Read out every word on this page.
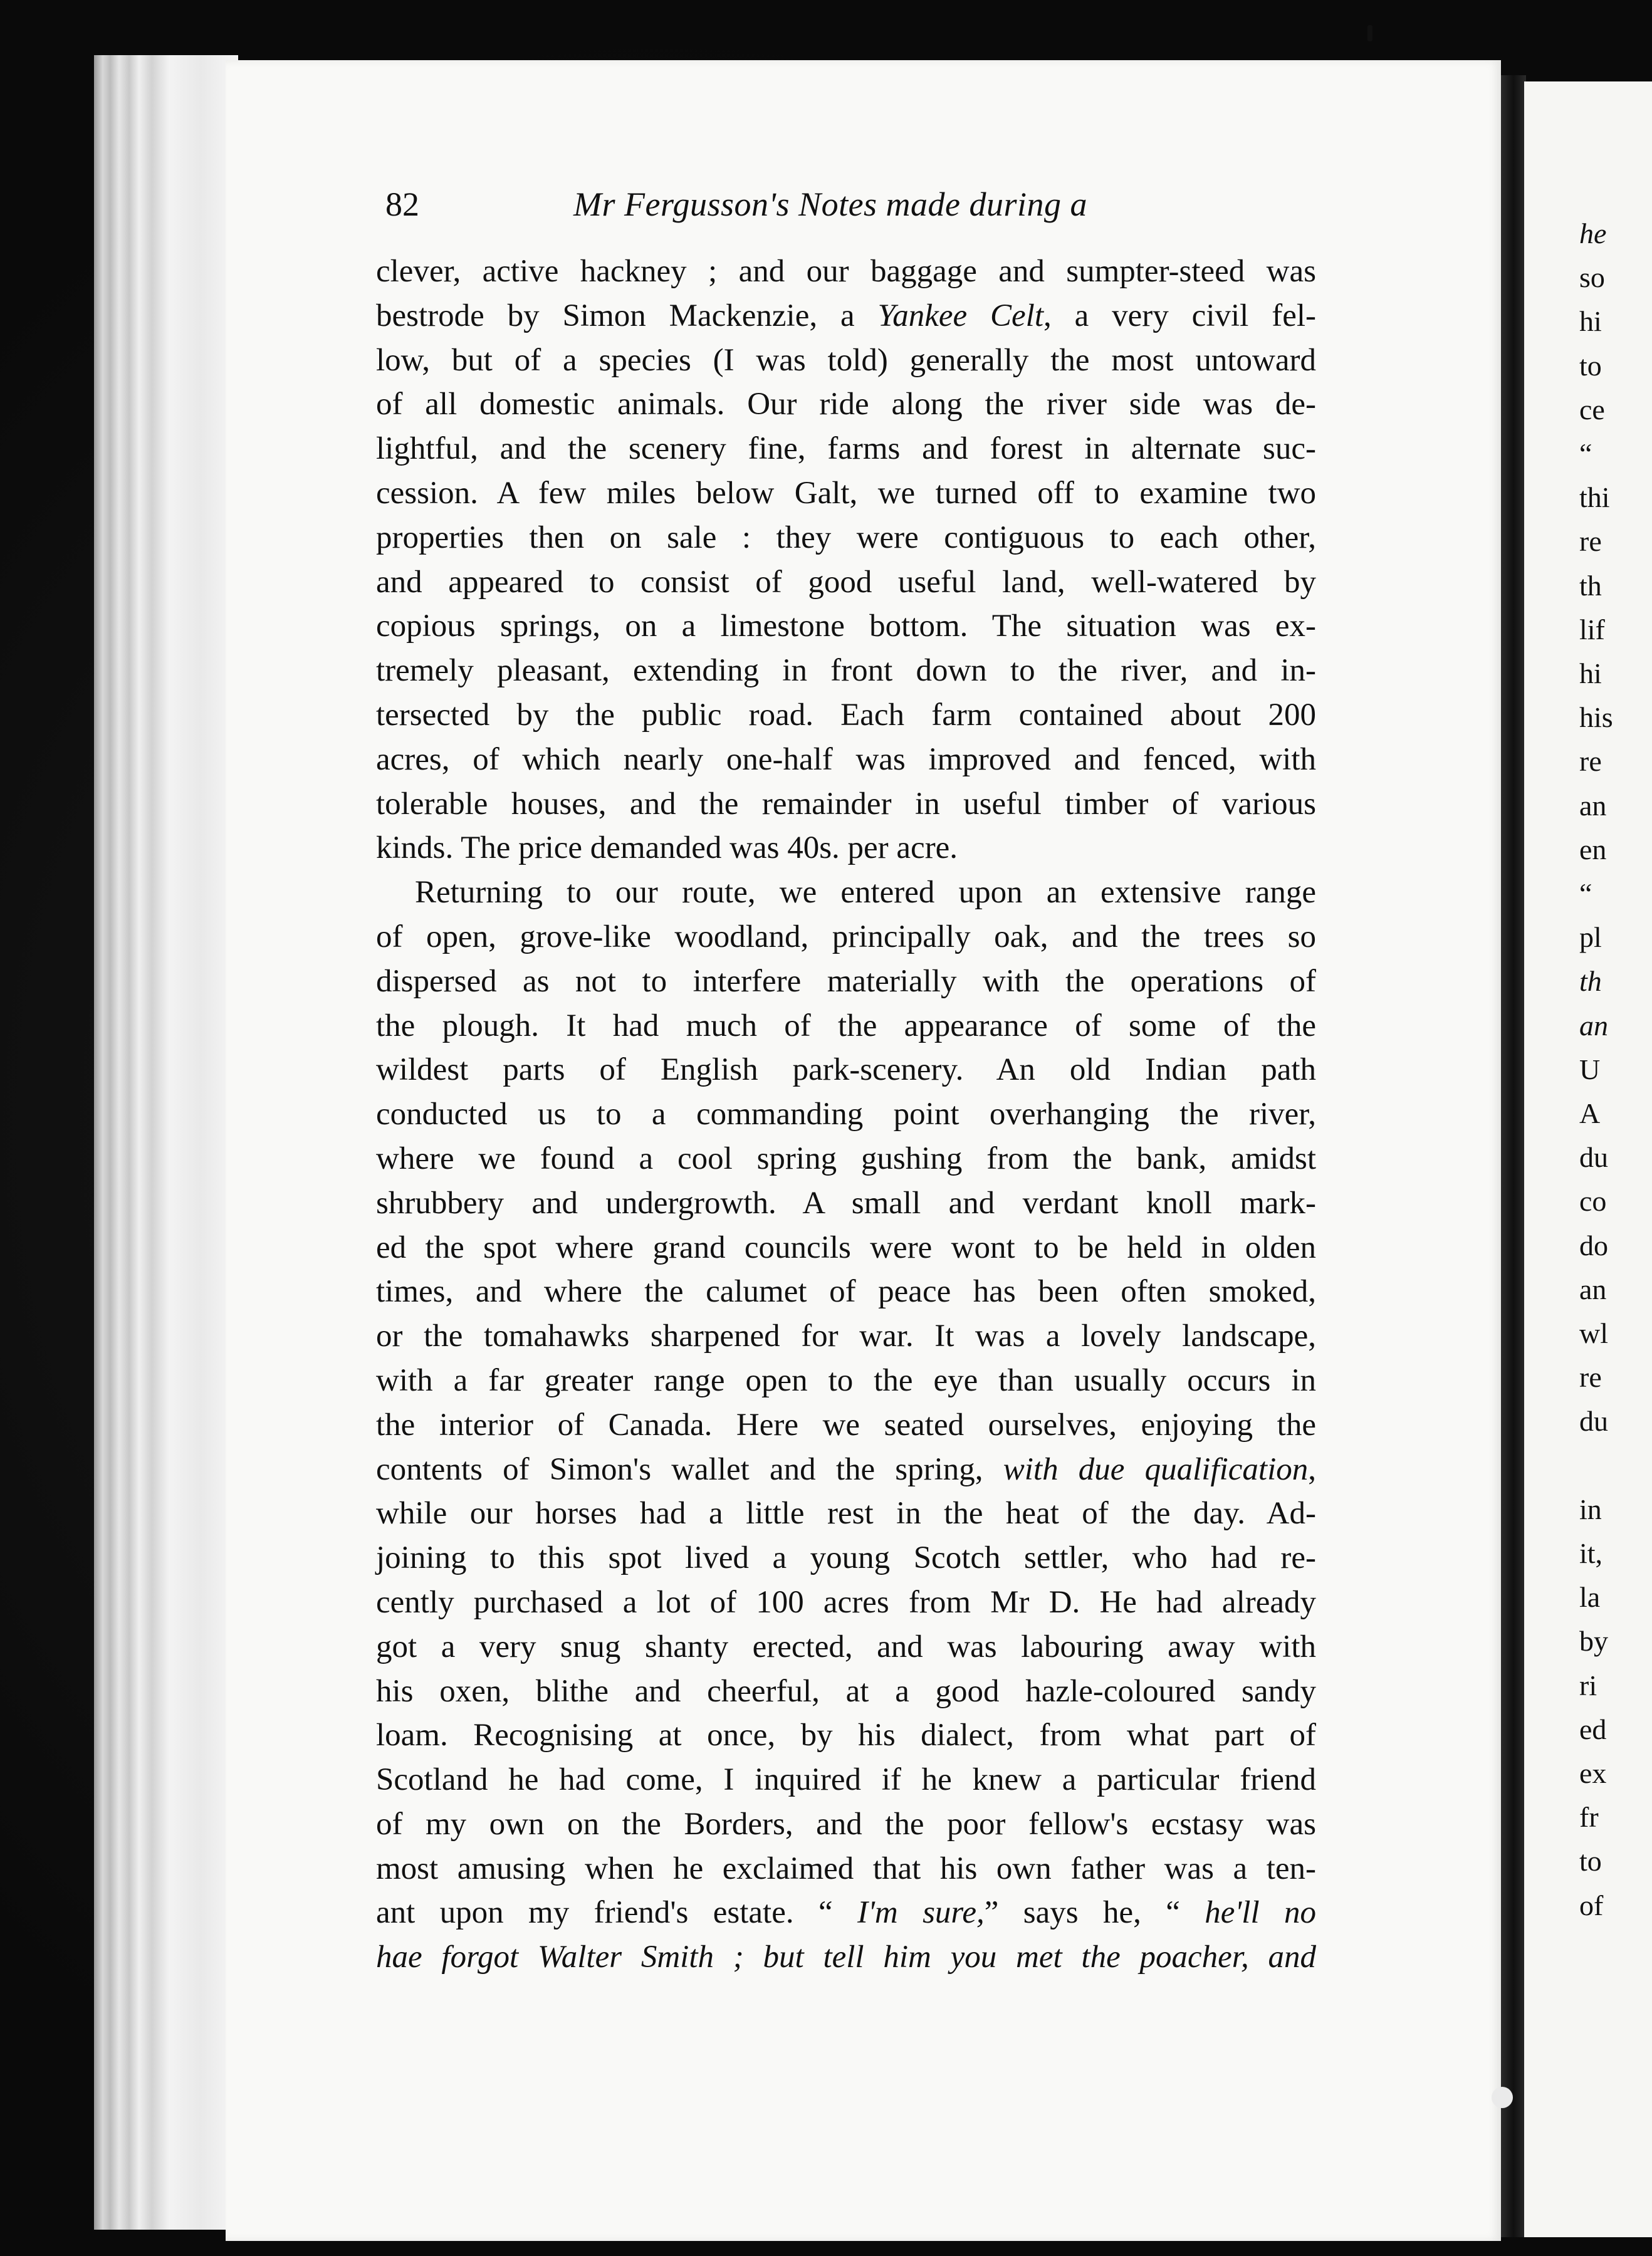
82	Mr Fergusson's Notes made during a
clever, active hackney ; and our baggage and sumpter-steed was
bestrode by Simon Mackenzie, a Yankee Celt, a very civil fel-
low, but of a species (I was told) generally the most untoward
of all domestic animals. Our ride along the river side was de-
lightful, and the scenery fine, farms and forest in alternate suc-
cession. A few miles below Galt, we turned off to examine two
properties then on sale : they were contiguous to each other,
and appeared to consist of good useful land, well-watered by
copious springs, on a limestone bottom. The situation was ex-
tremely pleasant, extending in front down to the river, and in-
tersected by the public road. Each farm contained about 200
acres, of which nearly one-half was improved and fenced, with
tolerable houses, and the remainder in useful timber of various
kinds. The price demanded was 40s. per acre.
Returning to our route, we entered upon an extensive range
of open, grove-like woodland, principally oak, and the trees so
dispersed as not to interfere materially with the operations of
the plough. It had much of the appearance of some of the
wildest parts of English park-scenery. An old Indian path
conducted us to a commanding point overhanging the river,
where we found a cool spring gushing from the bank, amidst
shrubbery and undergrowth. A small and verdant knoll mark-
ed the spot where grand councils were wont to be held in olden
times, and where the calumet of peace has been often smoked,
or the tomahawks sharpened for war. It was a lovely landscape,
with a far greater range open to the eye than usually occurs in
the interior of Canada. Here we seated ourselves, enjoying the
contents of Simon's wallet and the spring, with due qualification,
while our horses had a little rest in the heat of the day. Ad-
joining to this spot lived a young Scotch settler, who had re-
cently purchased a lot of 100 acres from Mr D. He had already
got a very snug shanty erected, and was labouring away with
his oxen, blithe and cheerful, at a good hazle-coloured sandy
loam. Recognising at once, by his dialect, from what part of
Scotland he had come, I inquired if he knew a particular friend
of my own on the Borders, and the poor fellow's ecstasy was
most amusing when he exclaimed that his own father was a ten-
ant upon my friend's estate. “ I'm sure,” says he, “ he'll no
hae forgot Walter Smith ; but tell him you met the poacher, and
he
so
hi
to
ce
“
thi
re
th
lif
hi
his
re
an
en
“
pl
th
an
U
A
du
co
do
an
wl
re
du
in
it,
la
by
ri
ed
ex
fr
to
of
